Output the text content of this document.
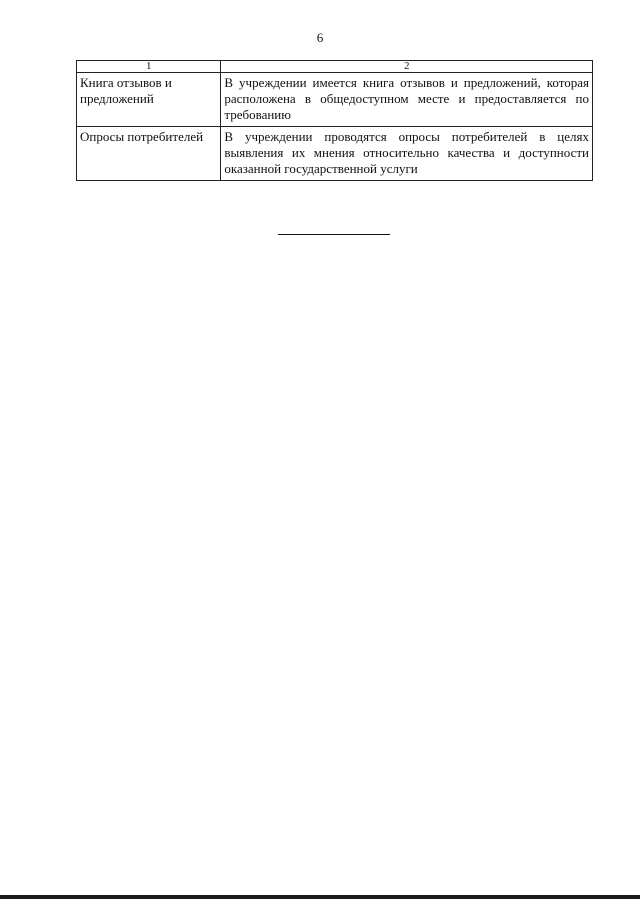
6
1	2
Книга отзывов и предложений	В учреждении имеется книга отзывов и предложений, которая расположена в общедоступном месте и предоставляется по требованию
Опросы потребителей	В учреждении проводятся опросы потребителей в целях выявления их мнения относительно качества и доступности оказанной государственной услуги
